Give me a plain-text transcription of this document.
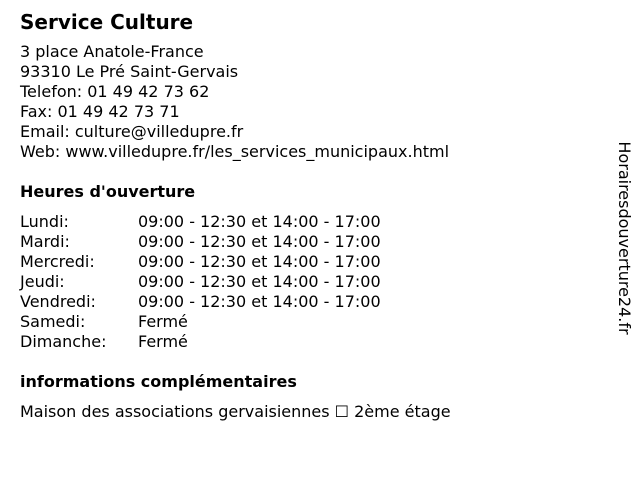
Service Culture
3 place Anatole-France
93310 Le Pré Saint-Gervais
Telefon: 01 49 42 73 62
Fax: 01 49 42 73 71
Email: culture@villedupre.fr
Web: www.villedupre.fr/les_services_municipaux.html
Heures d'ouverture
Lundi:	09:00 - 12:30 et 14:00 - 17:00
Mardi:	09:00 - 12:30 et 14:00 - 17:00
Mercredi:	09:00 - 12:30 et 14:00 - 17:00
Jeudi:	09:00 - 12:30 et 14:00 - 17:00
Vendredi:	09:00 - 12:30 et 14:00 - 17:00
Samedi:	Fermé
Dimanche:	Fermé
informations complémentaires
Maison des associations gervaisiennes ☐ 2ème étage
Horairesdouverture24.fr
